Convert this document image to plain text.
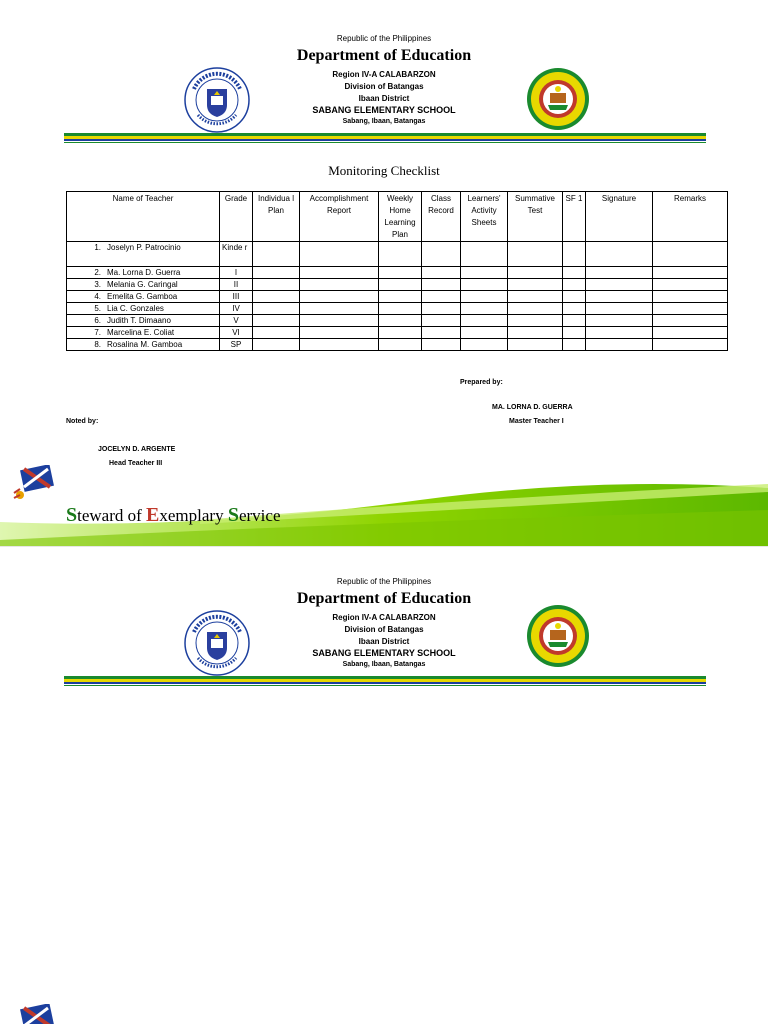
Republic of the Philippines
Department of Education
Region IV-A CALABARZON
Division of Batangas
Ibaan District
SABANG ELEMENTARY SCHOOL
Sabang, Ibaan, Batangas
Monitoring Checklist
Name of Teacher	Grade	Individua l Plan	Accomplishment Report	Weekly Home Learning Plan	Class Record	Learners' Activity Sheets	Summative Test	SF 1	Signature	Remarks
1. Joselyn P. Patrocinio	Kinde r									
2. Ma. Lorna D. Guerra	I									
3. Melania G. Caringal	II									
4. Emelita G. Gamboa	III									
5. Lia C. Gonzales	IV									
6. Judith T. Dimaano	V									
7. Marcelina E. Coliat	VI									
8. Rosalina M. Gamboa	SP									
Prepared by:
MA. LORNA D. GUERRA
Master Teacher I
Noted by:
JOCELYN D. ARGENTE
Head Teacher III
Steward of Exemplary Service
Republic of the Philippines
Department of Education
Region IV-A CALABARZON
Division of Batangas
Ibaan District
SABANG ELEMENTARY SCHOOL
Sabang, Ibaan, Batangas
